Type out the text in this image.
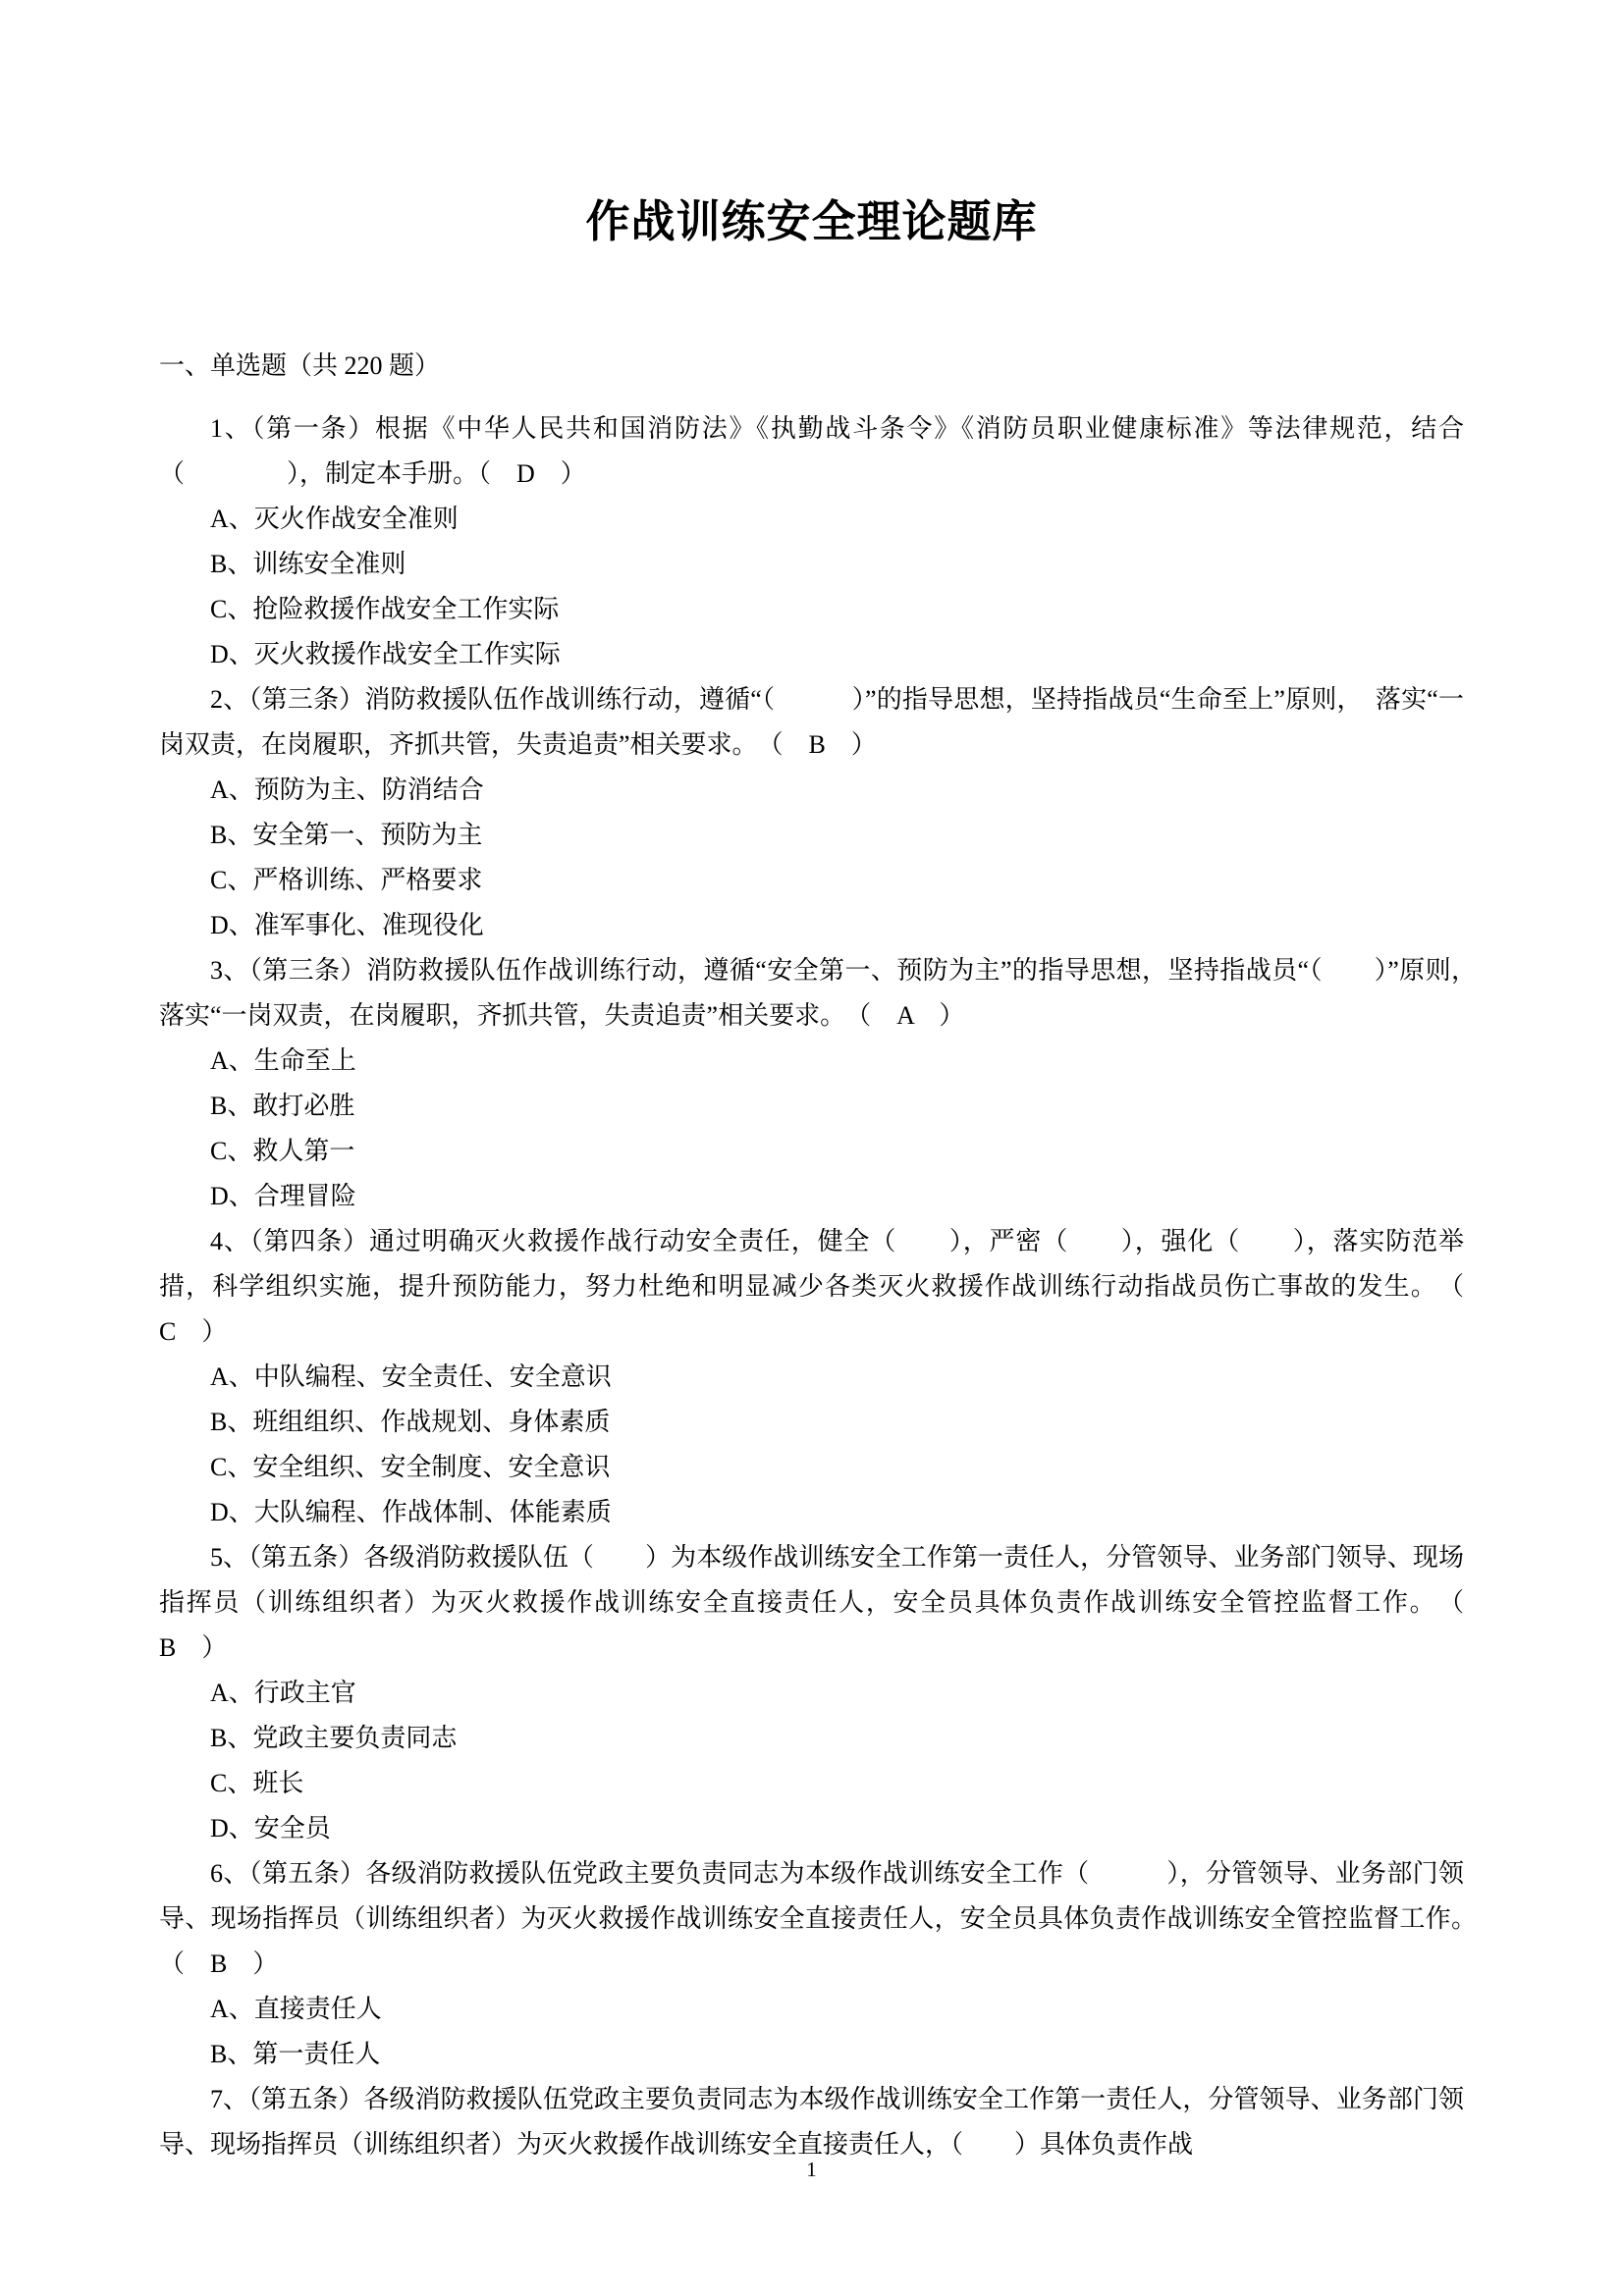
作战训练安全理论题库

一、单选题（共 220 题）

1、（第一条）根据《中华人民共和国消防法》《执勤战斗条令》《消防员职业健康标准》等法律规范，结合（　　　　），制定本手册。（　D　）

A、灭火作战安全准则

B、训练安全准则

C、抢险救援作战安全工作实际

D、灭火救援作战安全工作实际

2、（第三条）消防救援队伍作战训练行动，遵循“（　　　）”的指导思想，坚持指战员“生命至上”原则，　落实“一岗双责，在岗履职，齐抓共管，失责追责”相关要求。　（　B　）

A、预防为主、防消结合

B、安全第一、预防为主

C、严格训练、严格要求

D、准军事化、准现役化

3、（第三条）消防救援队伍作战训练行动，遵循“安全第一、预防为主”的指导思想，坚持指战员“（　　）”原则，　落实“一岗双责，在岗履职，齐抓共管，失责追责”相关要求。　（　A　）

A、生命至上

B、敢打必胜

C、救人第一

D、合理冒险

4、（第四条）通过明确灭火救援作战行动安全责任，健全（　　），严密（　　），强化（　　），落实防范举措，科学组织实施，提升预防能力，努力杜绝和明显减少各类灭火救援作战训练行动指战员伤亡事故的发生。　（　C　）

A、中队编程、安全责任、安全意识

B、班组组织、作战规划、身体素质

C、安全组织、安全制度、安全意识

D、大队编程、作战体制、体能素质

5、（第五条）各级消防救援队伍（　　）为本级作战训练安全工作第一责任人，分管领导、业务部门领导、现场指挥员（训练组织者）为灭火救援作战训练安全直接责任人，安全员具体负责作战训练安全管控监督工作。　（　B　）

A、行政主官

B、党政主要负责同志

C、班长

D、安全员

6、（第五条）各级消防救援队伍党政主要负责同志为本级作战训练安全工作（　　　），分管领导、业务部门领导、现场指挥员（训练组织者）为灭火救援作战训练安全直接责任人，安全员具体负责作战训练安全管控监督工作。　（　B　）

A、直接责任人

B、第一责任人

7、（第五条）各级消防救援队伍党政主要负责同志为本级作战训练安全工作第一责任人，分管领导、业务部门领导、现场指挥员（训练组织者）为灭火救援作战训练安全直接责任人，（　　）具体负责作战

1
